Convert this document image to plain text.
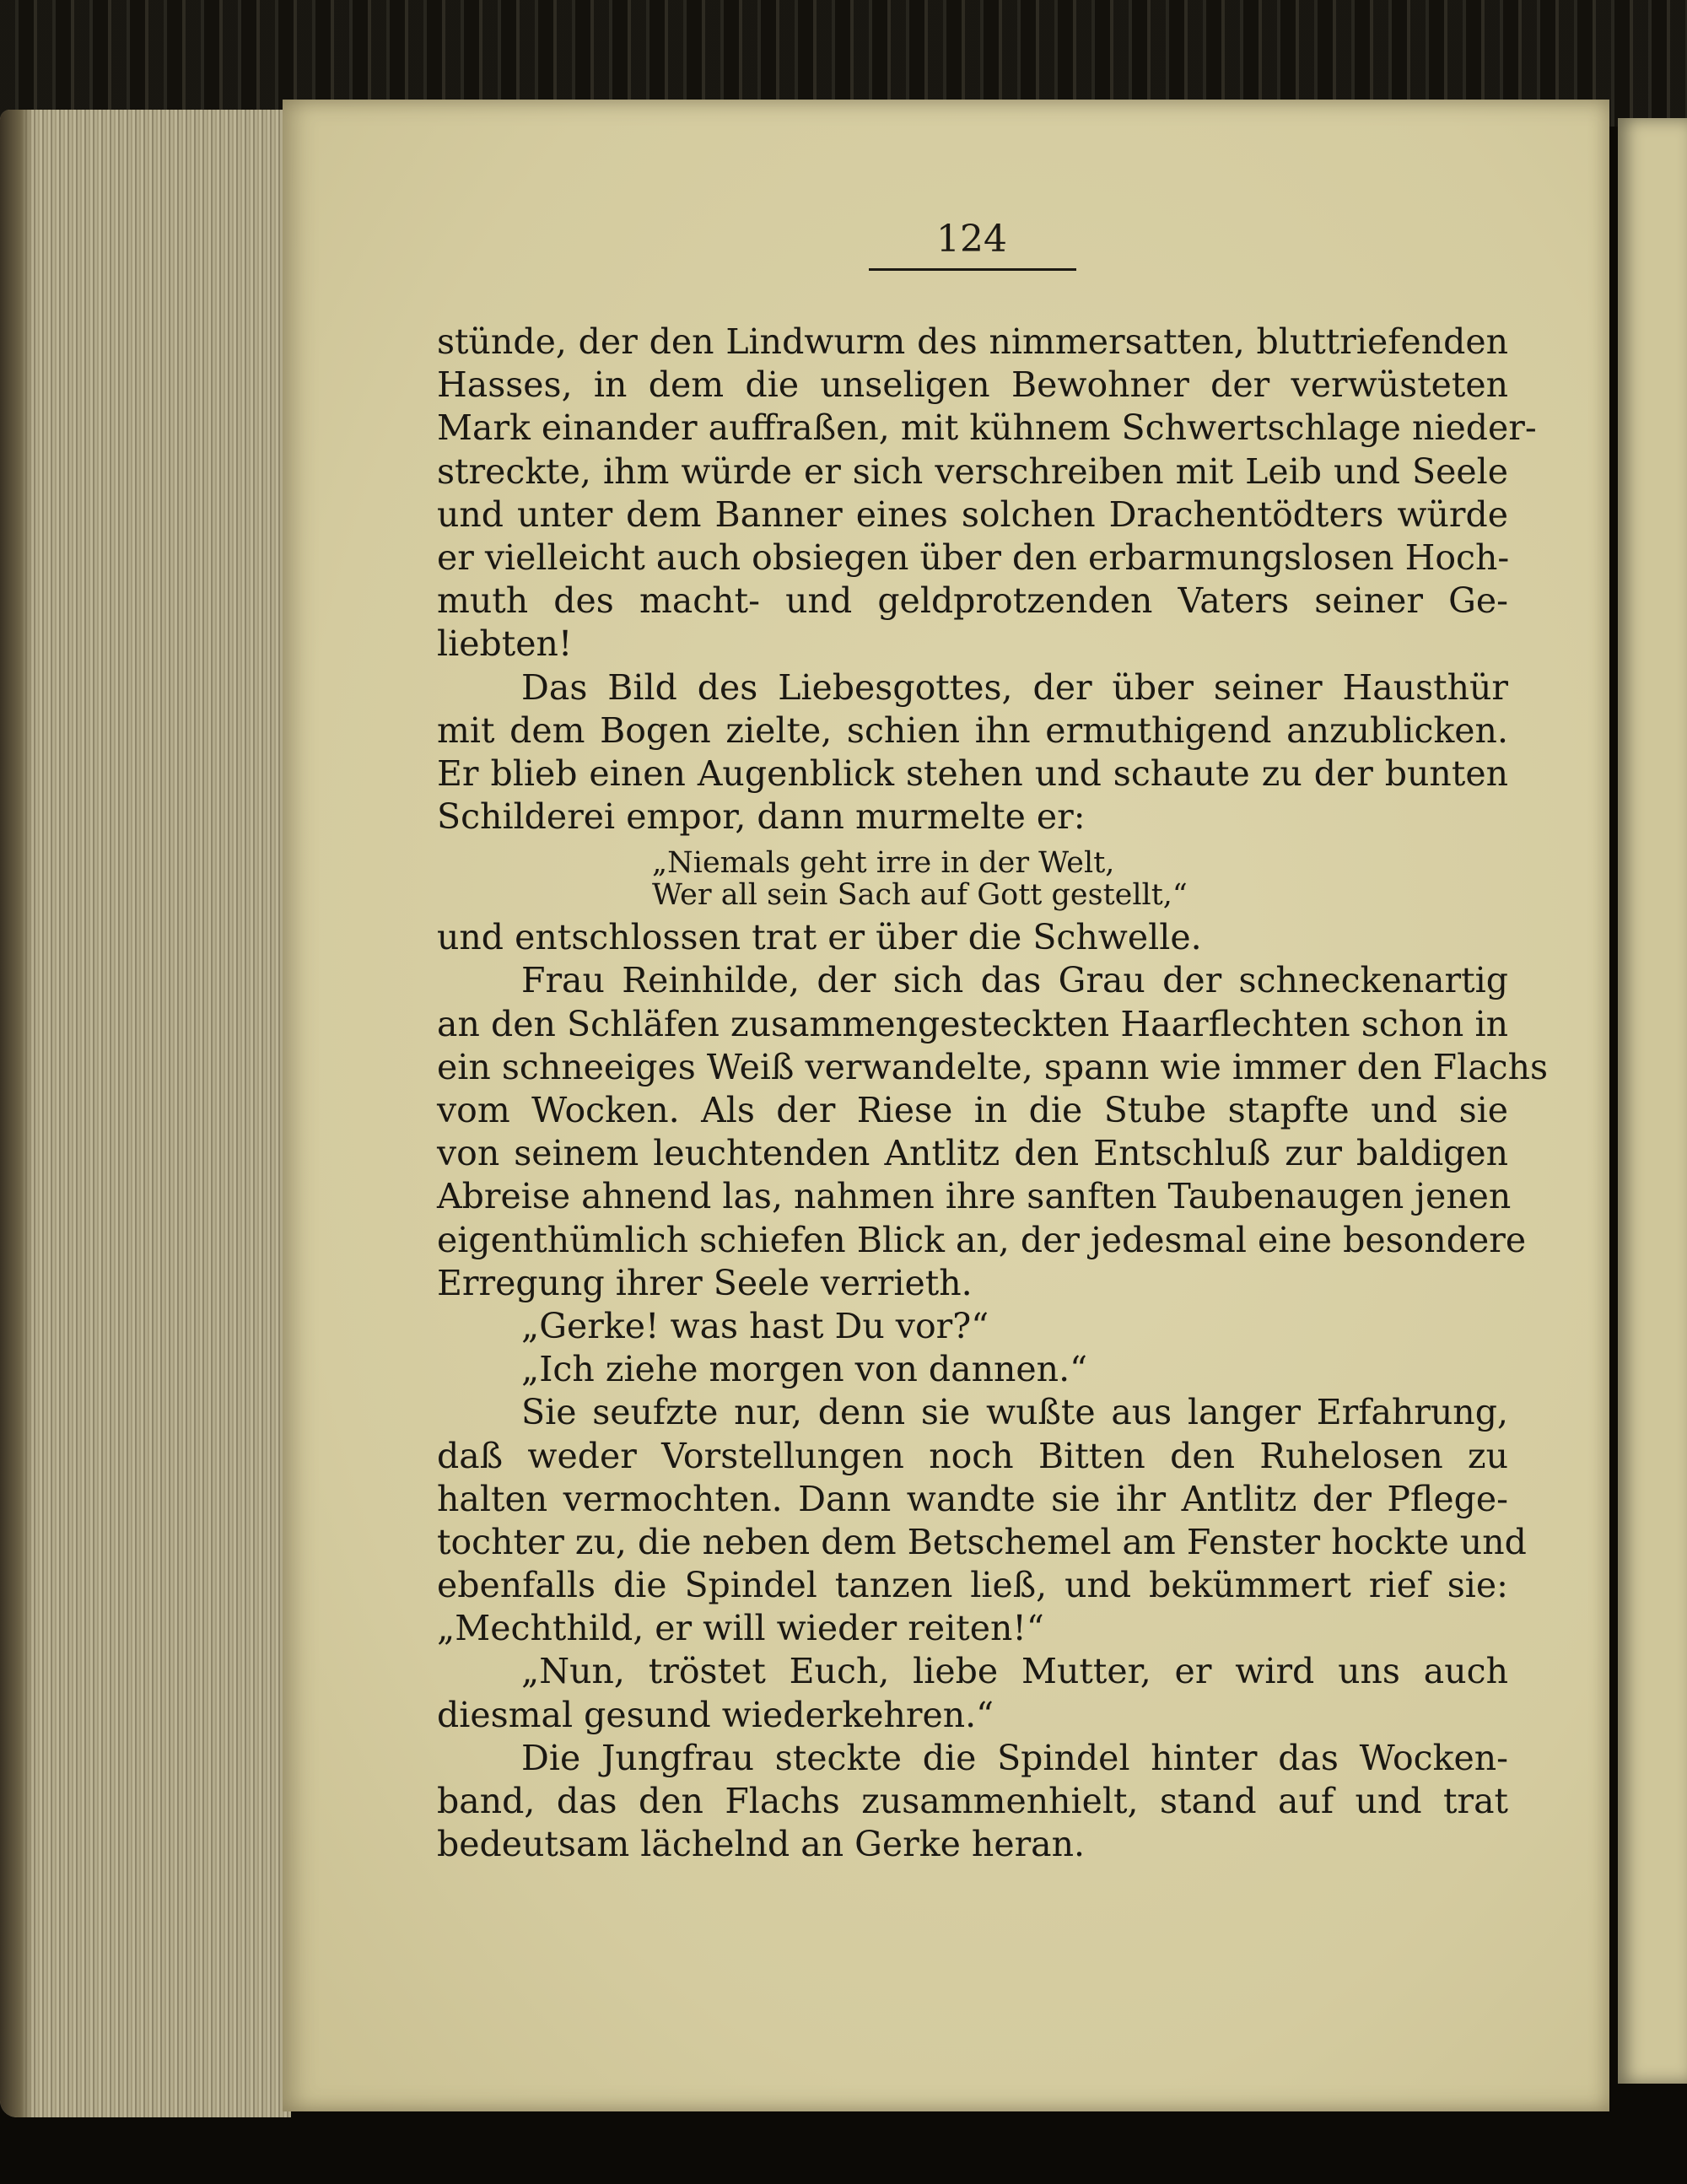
124
stünde, der den Lindwurm des nimmersatten, bluttriefenden
Hasses, in dem die unseligen Bewohner der verwüsteten
Mark einander auffraßen, mit kühnem Schwertschlage nieder-
streckte, ihm würde er sich verschreiben mit Leib und Seele
und unter dem Banner eines solchen Drachentödters würde
er vielleicht auch obsiegen über den erbarmungslosen Hoch-
muth des macht- und geldprotzenden Vaters seiner Ge-
liebten!
Das Bild des Liebesgottes, der über seiner Hausthür
mit dem Bogen zielte, schien ihn ermuthigend anzublicken.
Er blieb einen Augenblick stehen und schaute zu der bunten
Schilderei empor, dann murmelte er:
„Niemals geht irre in der Welt,
Wer all sein Sach auf Gott gestellt,“
und entschlossen trat er über die Schwelle.
Frau Reinhilde, der sich das Grau der schneckenartig
an den Schläfen zusammengesteckten Haarflechten schon in
ein schneeiges Weiß verwandelte, spann wie immer den Flachs
vom Wocken. Als der Riese in die Stube stapfte und sie
von seinem leuchtenden Antlitz den Entschluß zur baldigen
Abreise ahnend las, nahmen ihre sanften Taubenaugen jenen
eigenthümlich schiefen Blick an, der jedesmal eine besondere
Erregung ihrer Seele verrieth.
„Gerke! was hast Du vor?“
„Ich ziehe morgen von dannen.“
Sie seufzte nur, denn sie wußte aus langer Erfahrung,
daß weder Vorstellungen noch Bitten den Ruhelosen zu
halten vermochten. Dann wandte sie ihr Antlitz der Pflege-
tochter zu, die neben dem Betschemel am Fenster hockte und
ebenfalls die Spindel tanzen ließ, und bekümmert rief sie:
„Mechthild, er will wieder reiten!“
„Nun, tröstet Euch, liebe Mutter, er wird uns auch
diesmal gesund wiederkehren.“
Die Jungfrau steckte die Spindel hinter das Wocken-
band, das den Flachs zusammenhielt, stand auf und trat
bedeutsam lächelnd an Gerke heran.
